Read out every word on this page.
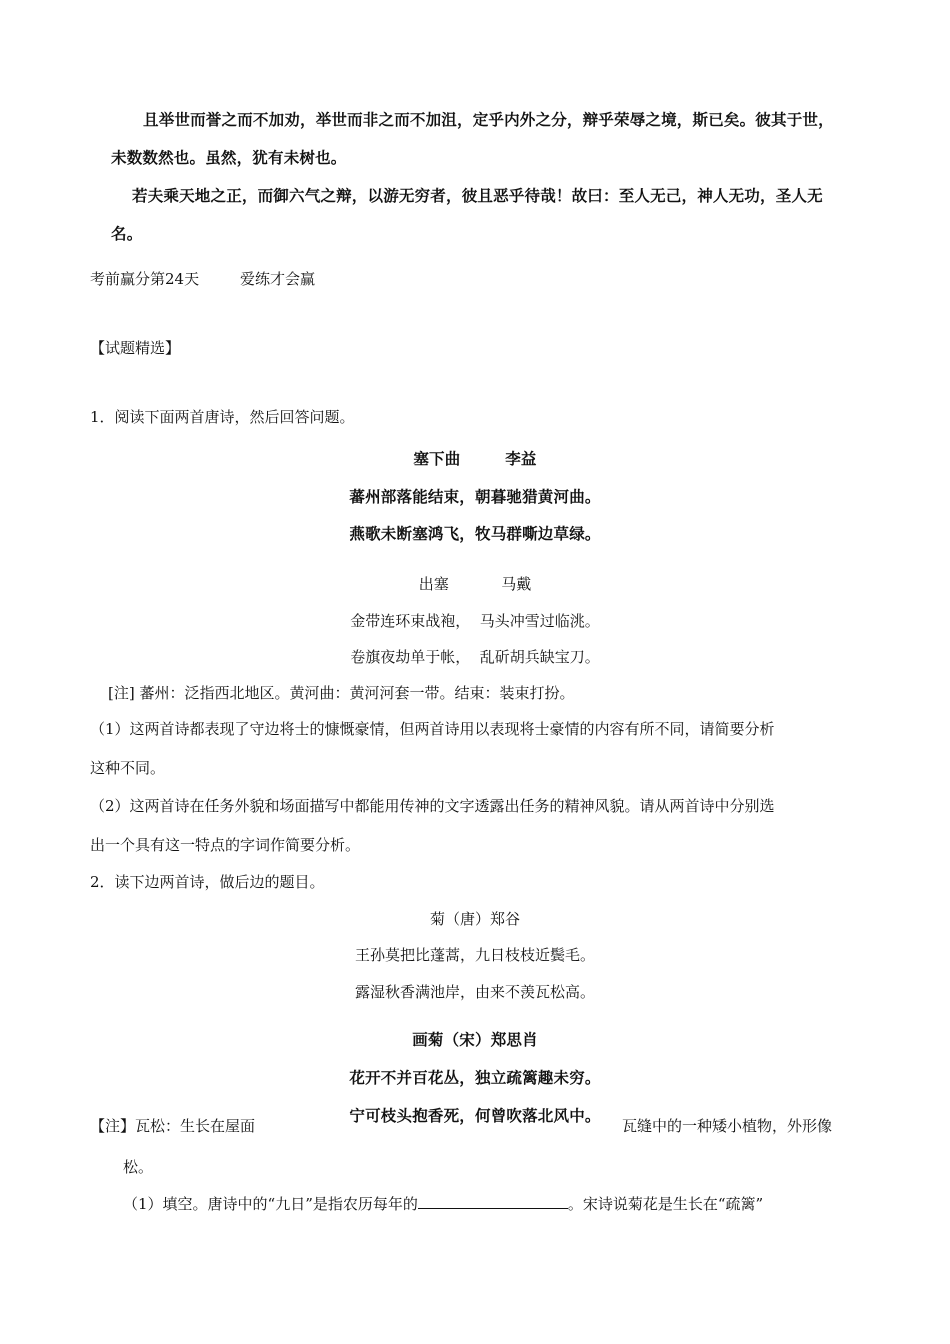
且举世而誉之而不加劝，举世而非之而不加沮，定乎内外之分，辩乎荣辱之境，斯已矣。彼其于世，
未数数然也。虽然，犹有未树也。
若夫乘天地之正，而御六气之辩，以游无穷者，彼且恶乎待哉！故曰：至人无己，神人无功，圣人无
名。
考前赢分第24天	爱练才会赢
【试题精选】
1．阅读下面两首唐诗，然后回答问题。
塞下曲        李益
蕃州部落能结束，朝暮驰猎黄河曲。
燕歌未断塞鸿飞，牧马群嘶边草绿。
出塞           马戴
金带连环束战袍，  马头冲雪过临洮。
卷旗夜劫单于帐，  乱斫胡兵缺宝刀。
[注] 蕃州：泛指西北地区。黄河曲：黄河河套一带。结束：装束打扮。
（1）这两首诗都表现了守边将士的慷慨豪情，但两首诗用以表现将士豪情的内容有所不同，请简要分析
这种不同。
（2）这两首诗在任务外貌和场面描写中都能用传神的文字透露出任务的精神风貌。请从两首诗中分别选
出一个具有这一特点的字词作简要分析。
2．读下边两首诗，做后边的题目。
菊（唐）郑谷
王孙莫把比蓬蒿，九日枝枝近鬓毛。
露湿秋香满池岸，由来不羡瓦松高。
画菊（宋）郑思肖
花开不并百花丛，独立疏篱趣未穷。
宁可枝头抱香死，何曾吹落北风中。
【注】瓦松：生长在屋面	瓦缝中的一种矮小植物，外形像
松。
（1）填空。唐诗中的“九日”是指农历每年的	。宋诗说菊花是生长在“疏篱”
